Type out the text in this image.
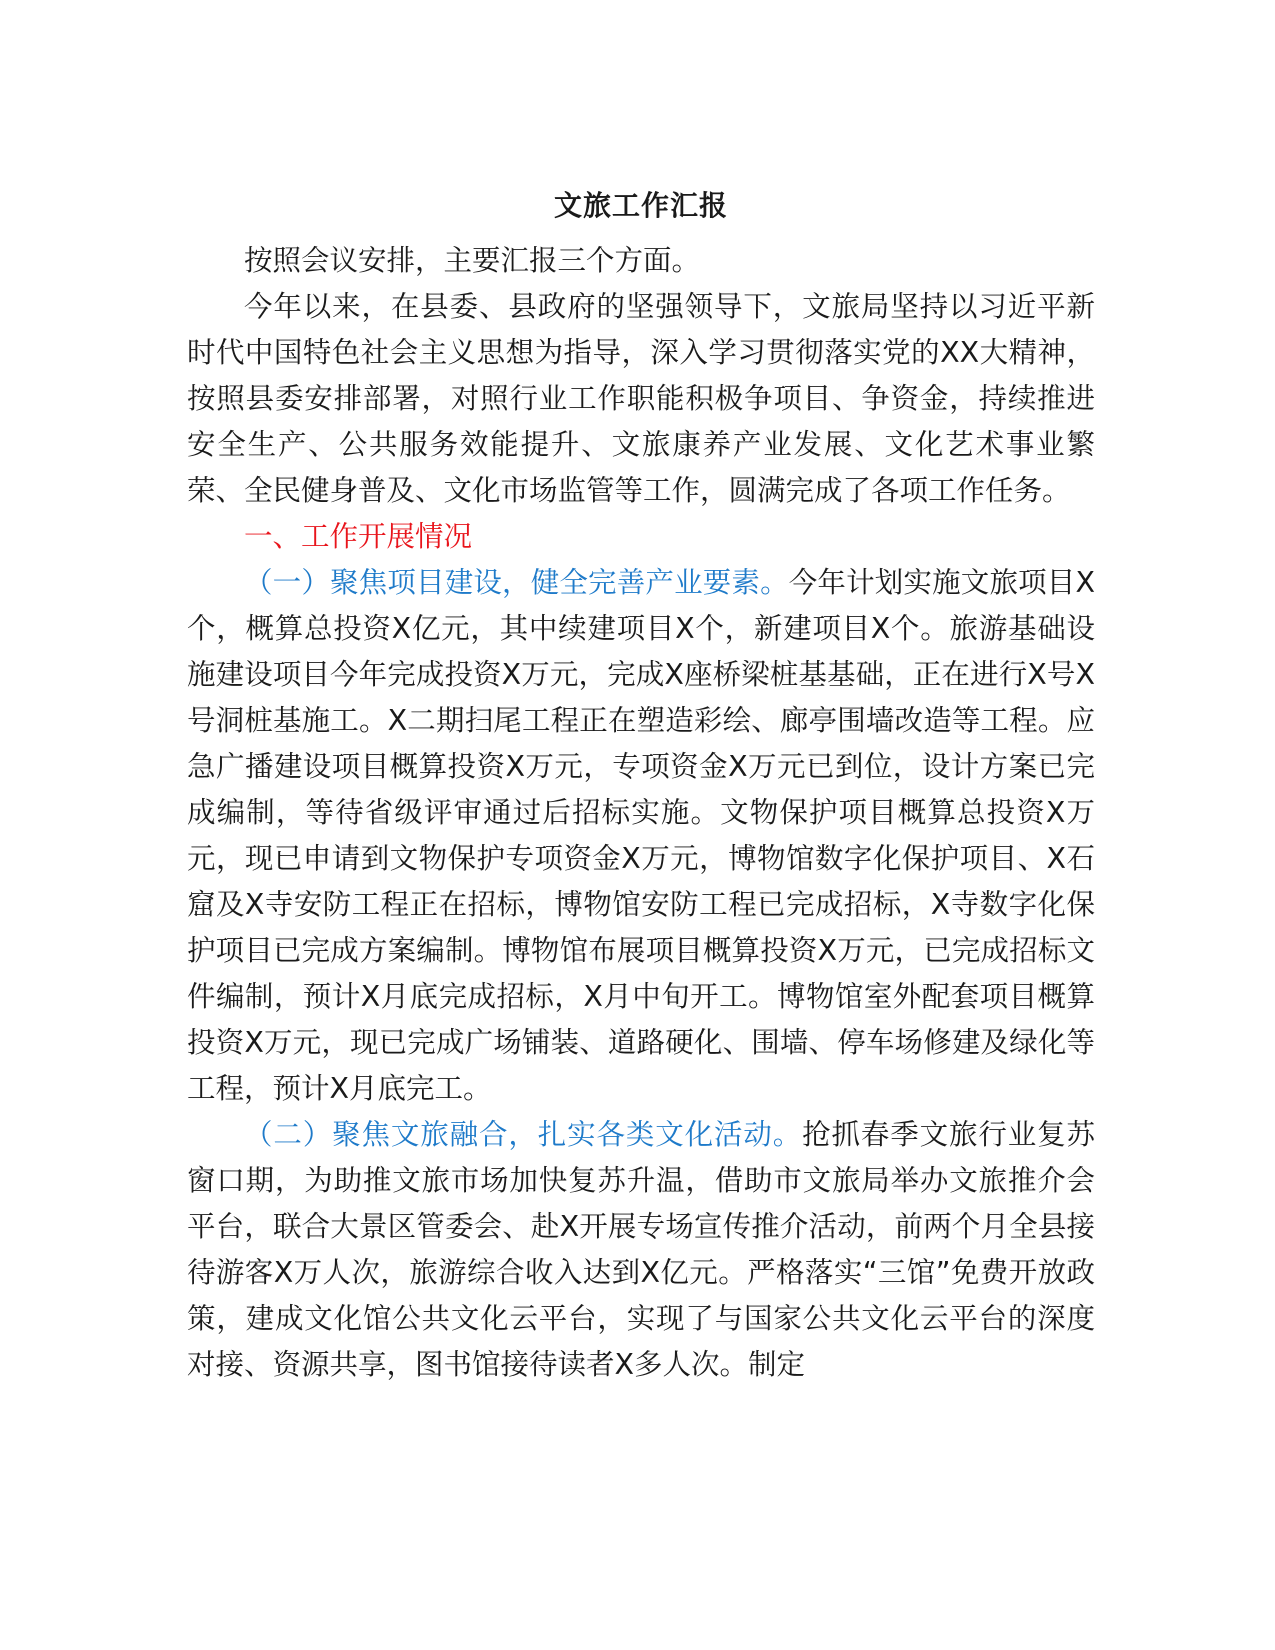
文旅工作汇报

按照会议安排，主要汇报三个方面。

今年以来，在县委、县政府的坚强领导下，文旅局坚持以习近平新时代中国特色社会主义思想为指导，深入学习贯彻落实党的XX大精神，按照县委安排部署，对照行业工作职能积极争项目、争资金，持续推进安全生产、公共服务效能提升、文旅康养产业发展、文化艺术事业繁荣、全民健身普及、文化市场监管等工作，圆满完成了各项工作任务。

一、工作开展情况

（一）聚焦项目建设，健全完善产业要素。今年计划实施文旅项目X个，概算总投资X亿元，其中续建项目X个，新建项目X个。旅游基础设施建设项目今年完成投资X万元，完成X座桥梁桩基基础，正在进行X号X号洞桩基施工。X二期扫尾工程正在塑造彩绘、廊亭围墙改造等工程。应急广播建设项目概算投资X万元，专项资金X万元已到位，设计方案已完成编制，等待省级评审通过后招标实施。文物保护项目概算总投资X万元，现已申请到文物保护专项资金X万元，博物馆数字化保护项目、X石窟及X寺安防工程正在招标，博物馆安防工程已完成招标，X寺数字化保护项目已完成方案编制。博物馆布展项目概算投资X万元，已完成招标文件编制，预计X月底完成招标，X月中旬开工。博物馆室外配套项目概算投资X万元，现已完成广场铺装、道路硬化、围墙、停车场修建及绿化等工程，预计X月底完工。

（二）聚焦文旅融合，扎实各类文化活动。抢抓春季文旅行业复苏窗口期，为助推文旅市场加快复苏升温，借助市文旅局举办文旅推介会平台，联合大景区管委会、赴X开展专场宣传推介活动，前两个月全县接待游客X万人次，旅游综合收入达到X亿元。严格落实“三馆”免费开放政策，建成文化馆公共文化云平台，实现了与国家公共文化云平台的深度对接、资源共享，图书馆接待读者X多人次。制定
